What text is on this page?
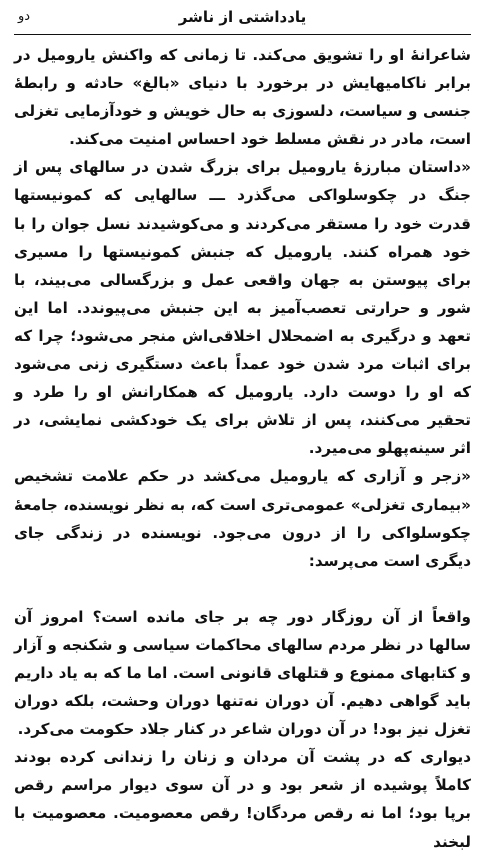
دو	یادداشتی از ناشر

شاعرانهٔ او را تشویق می‌کند. تا زمانی که واکنش یارومیل در برابر ناکامیهایش در برخورد با دنیای «بالغ» حادثه و رابطهٔ جنسی و سیاست، دلسوزی به حال خویش و خودآزمایی تغزلی است، مادر در نقش مسلط خود احساس امنیت می‌کند.

«داستان مبارزهٔ یارومیل برای بزرگ شدن در سالهای پس از جنگ در چکوسلواکی می‌گذرد ـــ سالهایی که کمونیستها قدرت خود را مستقر می‌کردند و می‌کوشیدند نسل جوان را با خود همراه کنند. یارومیل که جنبش کمونیستها را مسیری برای پیوستن به جهان واقعی عمل و بزرگسالی می‌بیند، با شور و حرارتی تعصب‌آمیز به این جنبش می‌پیوندد. اما این تعهد و درگیری به اضمحلال اخلاقی‌اش منجر می‌شود؛ چرا که برای اثبات مرد شدن خود عمداً باعث دستگیری زنی می‌شود که او را دوست دارد. یارومیل که همکارانش او را طرد و تحقیر می‌کنند، پس از تلاش برای یک خودکشی نمایشی، در اثر سینه‌پهلو می‌میرد.

«زجر و آزاری که یارومیل می‌کشد در حکم علامت تشخیص «بیماری تغزلی» عمومی‌تری است که، به نظر نویسنده، جامعهٔ چکوسلواکی را از درون می‌جود. نویسنده در زندگی جای دیگری است می‌پرسد:

واقعاً از آن روزگار دور چه بر جای مانده است؟ امروز آن سالها در نظر مردم سالهای محاکمات سیاسی و شکنجه و آزار و کتابهای ممنوع و قتلهای قانونی است. اما ما که به یاد داریم باید گواهی دهیم. آن دوران نه‌تنها دوران وحشت، بلکه دوران تغزل نیز بود! در آن دوران شاعر در کنار جلاد حکومت می‌کرد.

دیواری که در پشت آن مردان و زنان را زندانی کرده بودند کاملاً پوشیده از شعر بود و در آن سوی دیوار مراسم رقص برپا بود؛ اما نه رقص مردگان! رقص معصومیت. معصومیت با لبخند
